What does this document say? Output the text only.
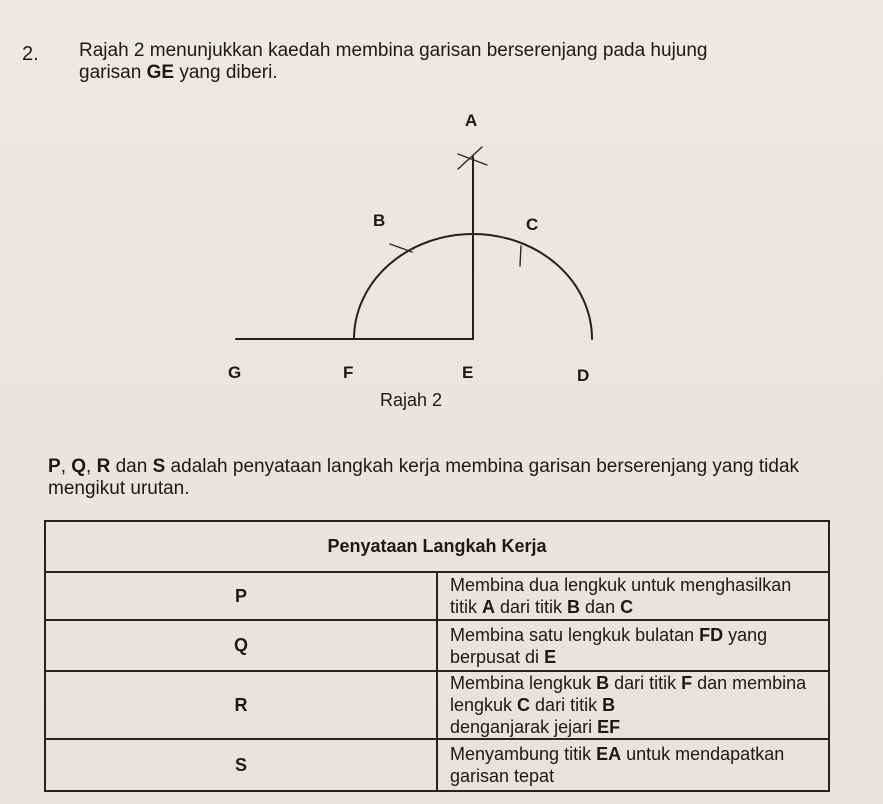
2. Rajah 2 menunjukkan kaedah membina garisan berserenjang pada hujung
garisan GE yang diberi.
A
B	C
G	F	E	D
Rajah 2
P, Q, R dan S adalah penyataan langkah kerja membina garisan berserenjang yang tidak mengikut urutan.
Penyataan Langkah Kerja	
P	Membina dua lengkuk untuk menghasilkan titik A dari titik B dan C
Q	Membina satu lengkuk bulatan FD yang berpusat di E
R	Membina lengkuk B dari titik F dan membina lengkuk C dari titik B
denganjarak jejari EF
S	Menyambung titik EA untuk mendapatkan garisan tepat
